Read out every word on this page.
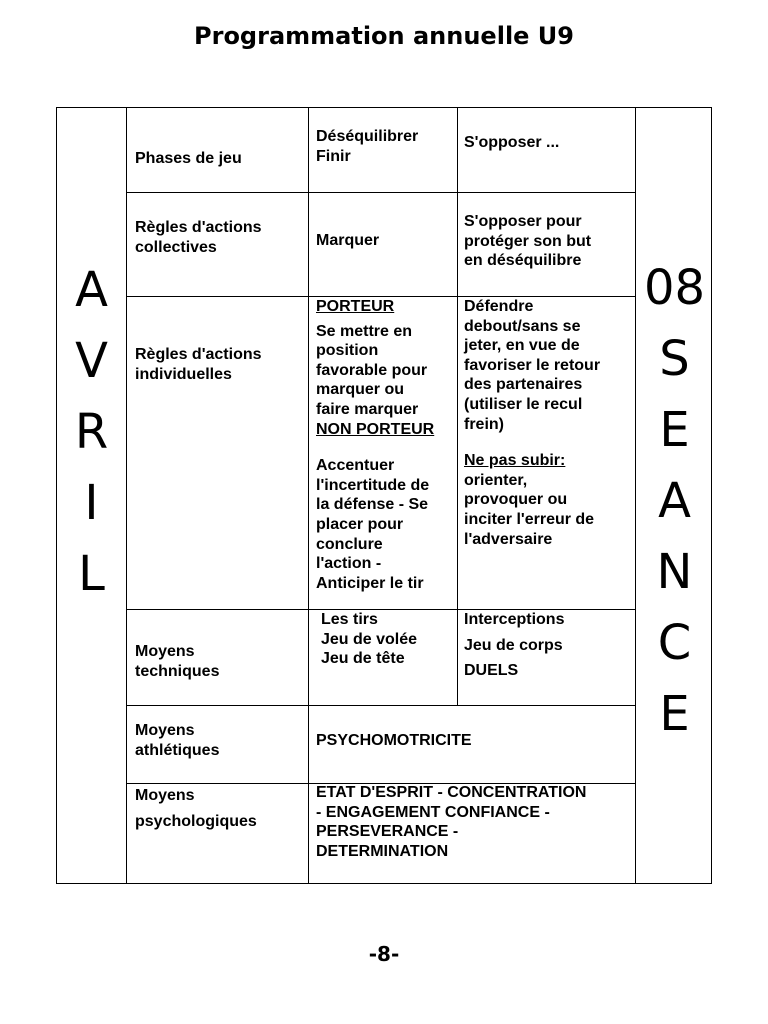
Programmation annuelle U9
A
V
R
I
L
08
S
E
A
N
C
E
Phases de jeu
Déséquilibrer
Finir
S'opposer ...
Règles d'actions
collectives	Marquer
S'opposer pour
protéger son but
en déséquilibre
Règles d'actions
individuelles
PORTEUR
Se mettre en
position
favorable pour
marquer ou
faire marquer
NON PORTEUR
Accentuer
l'incertitude de
la défense - Se
placer pour
conclure
l'action -
Anticiper le tir
Défendre
debout/sans se
jeter, en vue de
favoriser le retour
des partenaires
(utiliser le recul
frein)
Ne pas subir:
orienter,
provoquer ou
inciter l'erreur de
l'adversaire
Moyens
techniques
Les tirs
Jeu de volée
Jeu de tête
Interceptions
Jeu de corps
DUELS
Moyens
athlétiques
PSYCHOMOTRICITE
Moyens
psychologiques
ETAT D'ESPRIT - CONCENTRATION
- ENGAGEMENT CONFIANCE -
PERSEVERANCE -
DETERMINATION
-8-
